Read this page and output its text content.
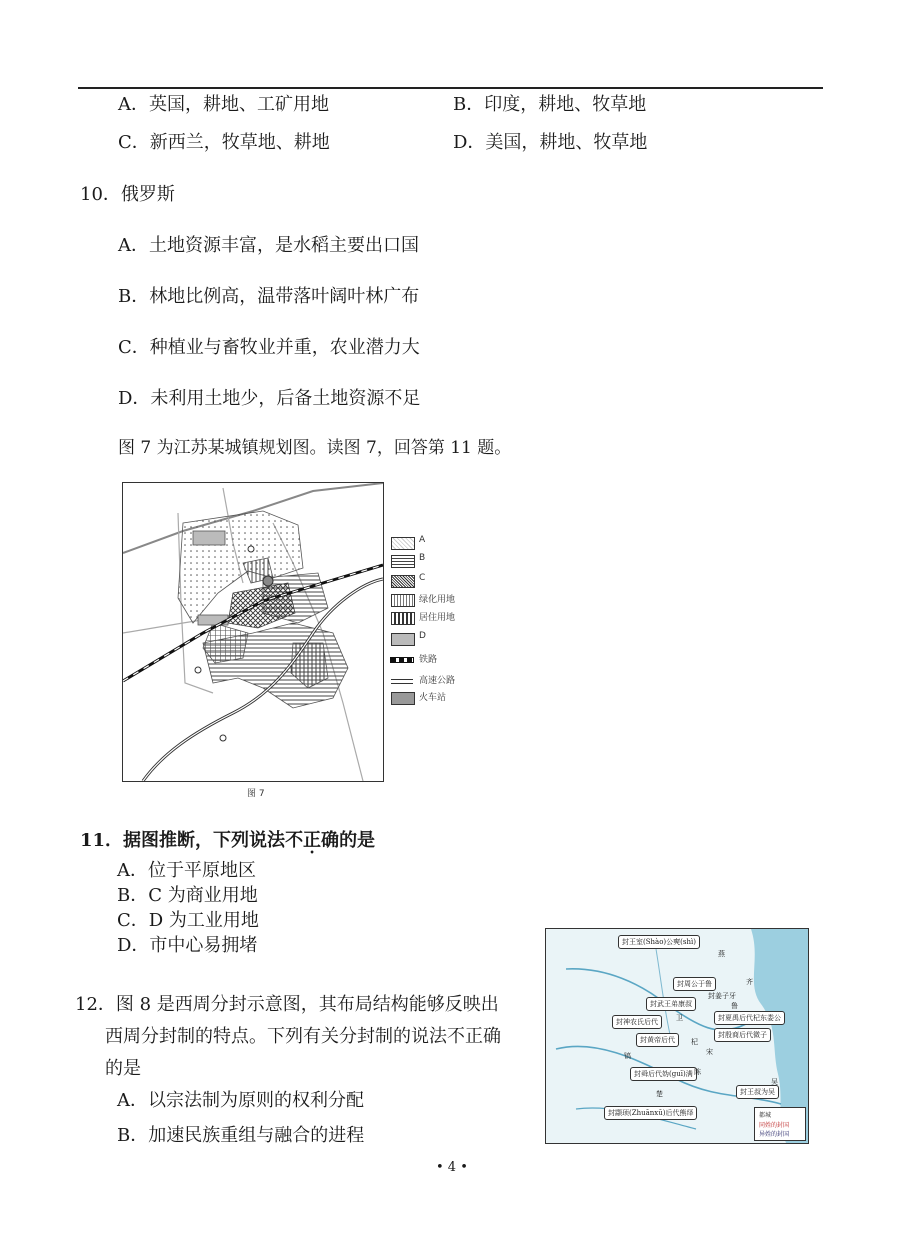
A．英国，耕地、工矿用地	B．印度，耕地、牧草地
C．新西兰，牧草地、耕地	D．美国，耕地、牧草地
10．俄罗斯
A．土地资源丰富，是水稻主要出口国
B．林地比例高，温带落叶阔叶林广布
C．种植业与畜牧业并重，农业潜力大
D．未利用土地少，后备土地资源不足
图 7 为江苏某城镇规划图。读图 7，回答第 11 题。
图 7
A
B
C
绿化用地
居住用地
D
铁路
高速公路
火车站
11．据图推断，下列说法不正确的是
A．位于平原地区
B．C 为商业用地
C．D 为工业用地
D．市中心易拥堵
12．图 8 是西周分封示意图，其布局结构能够反映出
西周分封制的特点。下列有关分封制的说法不正确
的是
A．以宗法制为原则的权利分配
B．加速民族重组与融合的进程
封王室(Shào)公奭(shì)
燕
封周公于鲁
封武王弟康叔
卫
封姜子牙
封夏禹后代杞东娄公
封殷商后代微子
宋
杞
封神农氏后代
封黄帝后代
镐
封舜后代妫(guī)满 陈
楚
封颛顼(Zhuānxū)后代熊绎
封王叔为吴
吴
齐
鲁
都城
同姓的封国
异姓的封国
• 4 •
